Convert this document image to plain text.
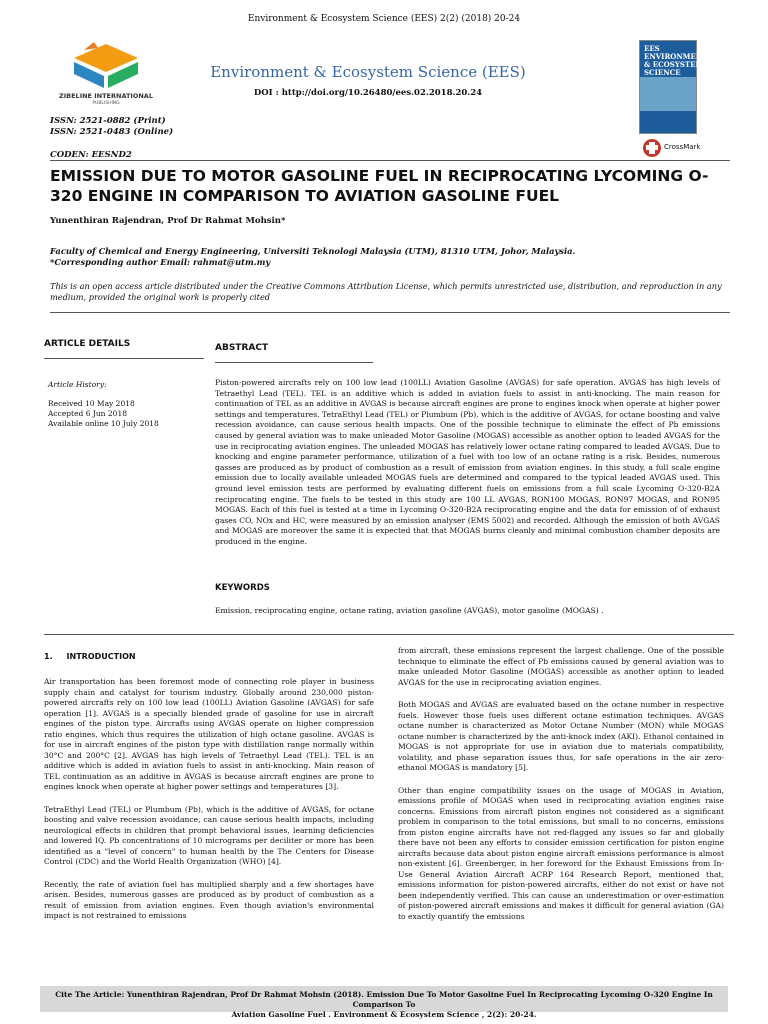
Environment & Ecosystem Science (EES) 2(2) (2018) 20-24
ZIBELINE INTERNATIONAL
PUBLISHING
Environment & Ecosystem Science (EES)
DOI : http://doi.org/10.26480/ees.02.2018.20.24
ISSN: 2521-0882 (Print)
ISSN: 2521-0483 (Online)
CODEN: EESND2
EES ENVIRONMENT & ECOSYSTEM SCIENCE
CrossMark
EMISSION DUE TO MOTOR GASOLINE FUEL IN RECIPROCATING LYCOMING O-320 ENGINE IN COMPARISON TO AVIATION GASOLINE FUEL
Yunenthiran Rajendran, Prof Dr Rahmat Mohsin*
Faculty of Chemical and Energy Engineering, Universiti Teknologi Malaysia (UTM), 81310 UTM, Johor, Malaysia.
*Corresponding author Email: rahmat@utm.my
This is an open access article distributed under the Creative Commons Attribution License, which permits unrestricted use, distribution, and reproduction in any medium, provided the original work is properly cited
ARTICLE DETAILS
Article History:
Received 10 May 2018
Accepted 6 Jun 2018
Available online 10 July 2018
ABSTRACT
Piston-powered aircrafts rely on 100 low lead (100LL) Aviation Gasoline (AVGAS) for safe operation. AVGAS has high levels of Tetraethyl Lead (TEL). TEL is an additive which is added in aviation fuels to assist in anti-knocking. The main reason for continuation of TEL as an additive in AVGAS is because aircraft engines are prone to engines knock when operate at higher power settings and temperatures. TetraEthyl Lead (TEL) or Plumbum (Pb), which is the additive of AVGAS, for octane boosting and valve recession avoidance, can cause serious health impacts. One of the possible technique to eliminate the effect of Pb emissions caused by general aviation was to make unleaded Motor Gasoline (MOGAS) accessible as another option to leaded AVGAS for the use in reciprocating aviation engines. The unleaded MOGAS has relatively lower octane rating compared to leaded AVGAS. Due to knocking and engine parameter performance, utilization of a fuel with too low of an octane rating is a risk. Besides, numerous gasses are produced as by product of combustion as a result of emission from aviation engines. In this study, a full scale engine emission due to locally available unleaded MOGAS fuels are determined and compared to the typical leaded AVGAS used. This ground level emission tests are performed by evaluating different fuels on emissions from a full scale Lycoming O-320-B2A reciprocating engine. The fuels to be tested in this study are 100 LL AVGAS, RON100 MOGAS, RON97 MOGAS, and RON95 MOGAS. Each of this fuel is tested at a time in Lycoming O-320-B2A reciprocating engine and the data for emission of of exhaust gases CO, NOx and HC, were measured by an emission analyser (EMS 5002) and recorded. Although the emission of both AVGAS and MOGAS are moreover the same it is expected that that MOGAS burns cleanly and minimal combustion chamber deposits are produced in the engine.
KEYWORDS
Emission, reciprocating engine, octane rating, aviation gasoline (AVGAS), motor gasoline (MOGAS) .
1.     INTRODUCTION

Air transportation has been foremost mode of connecting role player in business supply chain and catalyst for tourism industry. Globally around 230,000 piston-powered aircrafts rely on 100 low lead (100LL) Aviation Gasoline (AVGAS) for safe operation [1]. AVGAS is a specially blended grade of gasoline for use in aircraft engines of the piston type. Aircrafts using AVGAS operate on higher compression ratio engines, which thus requires the utilization of high octane gasoline. AVGAS is for use in aircraft engines of the piston type with distillation range normally within 30°C and 200°C [2]. AVGAS has high levels of Tetraethyl Lead (TEL). TEL is an additive which is added in aviation fuels to assist in anti-knocking. Main reason of TEL continuation as an additive in AVGAS is because aircraft engines are prone to engines knock when operate at higher power settings and temperatures [3].

TetraEthyl Lead (TEL) or Plumbum (Pb), which is the additive of AVGAS, for octane boosting and valve recession avoidance, can cause serious health impacts, including neurological effects in children that prompt behavioral issues, learning deficiencies and lowered IQ. Pb concentrations of 10 micrograms per deciliter or more has been identified as a "level of concern" to human health by the The Centers for Disease Control (CDC) and the World Health Organization (WHO) [4].

Recently, the rate of aviation fuel has multiplied sharply and a few shortages have arisen. Besides, numerous gasses are produced as by product of combustion as a result of emission from aviation engines. Even though aviation's environmental impact is not restrained to emissions

from aircraft, these emissions represent the largest challenge. One of the possible technique to eliminate the effect of Pb emissions caused by general aviation was to make unleaded Motor Gasoline (MOGAS) accessible as another option to leaded AVGAS for the use in reciprocating aviation engines.

Both MOGAS and AVGAS are evaluated based on the octane number in respective fuels. However those fuels uses different octane estimation techniques. AVGAS octane number is characterized as Motor Octane Number (MON) while MOGAS octane number is characterized by the anti-knock index (AKI). Ethanol contained in MOGAS is not appropriate for use in aviation due to materials compatibility, volatility, and phase separation issues thus, for safe operations in the air zero-ethanol MOGAS is mandatory [5].

Other than engine compatibility issues on the usage of MOGAS in Aviation, emissions profile of MOGAS when used in reciprocating aviation engines raise concerns. Emissions from aircraft piston engines not considered as a significant problem in comparison to the total emissions, but small to no concerns, emissions from piston engine aircrafts have not red-flagged any issues so far and globally there have not been any efforts to consider emission certification for piston engine aircrafts because data about piston engine aircraft emissions performance is almost non-existent [6]. Greenberger, in her foreword for the Exhaust Emissions from In-Use General Aviation Aircraft ACRP 164 Research Report, mentioned that, emissions information for piston-powered aircrafts, either do not exist or have not been independently verified. This can cause an underestimation or over-estimation of piston-powered aircraft emissions and makes it difficult for general aviation (GA) to exactly quantify the emissions

Cite The Article: Yunenthiran Rajendran, Prof Dr Rahmat Mohsin (2018). Emission Due To Motor Gasoline Fuel In Reciprocating Lycoming O-320 Engine In Comparison To
Aviation Gasoline Fuel . Environment & Ecosystem Science , 2(2): 20-24.
